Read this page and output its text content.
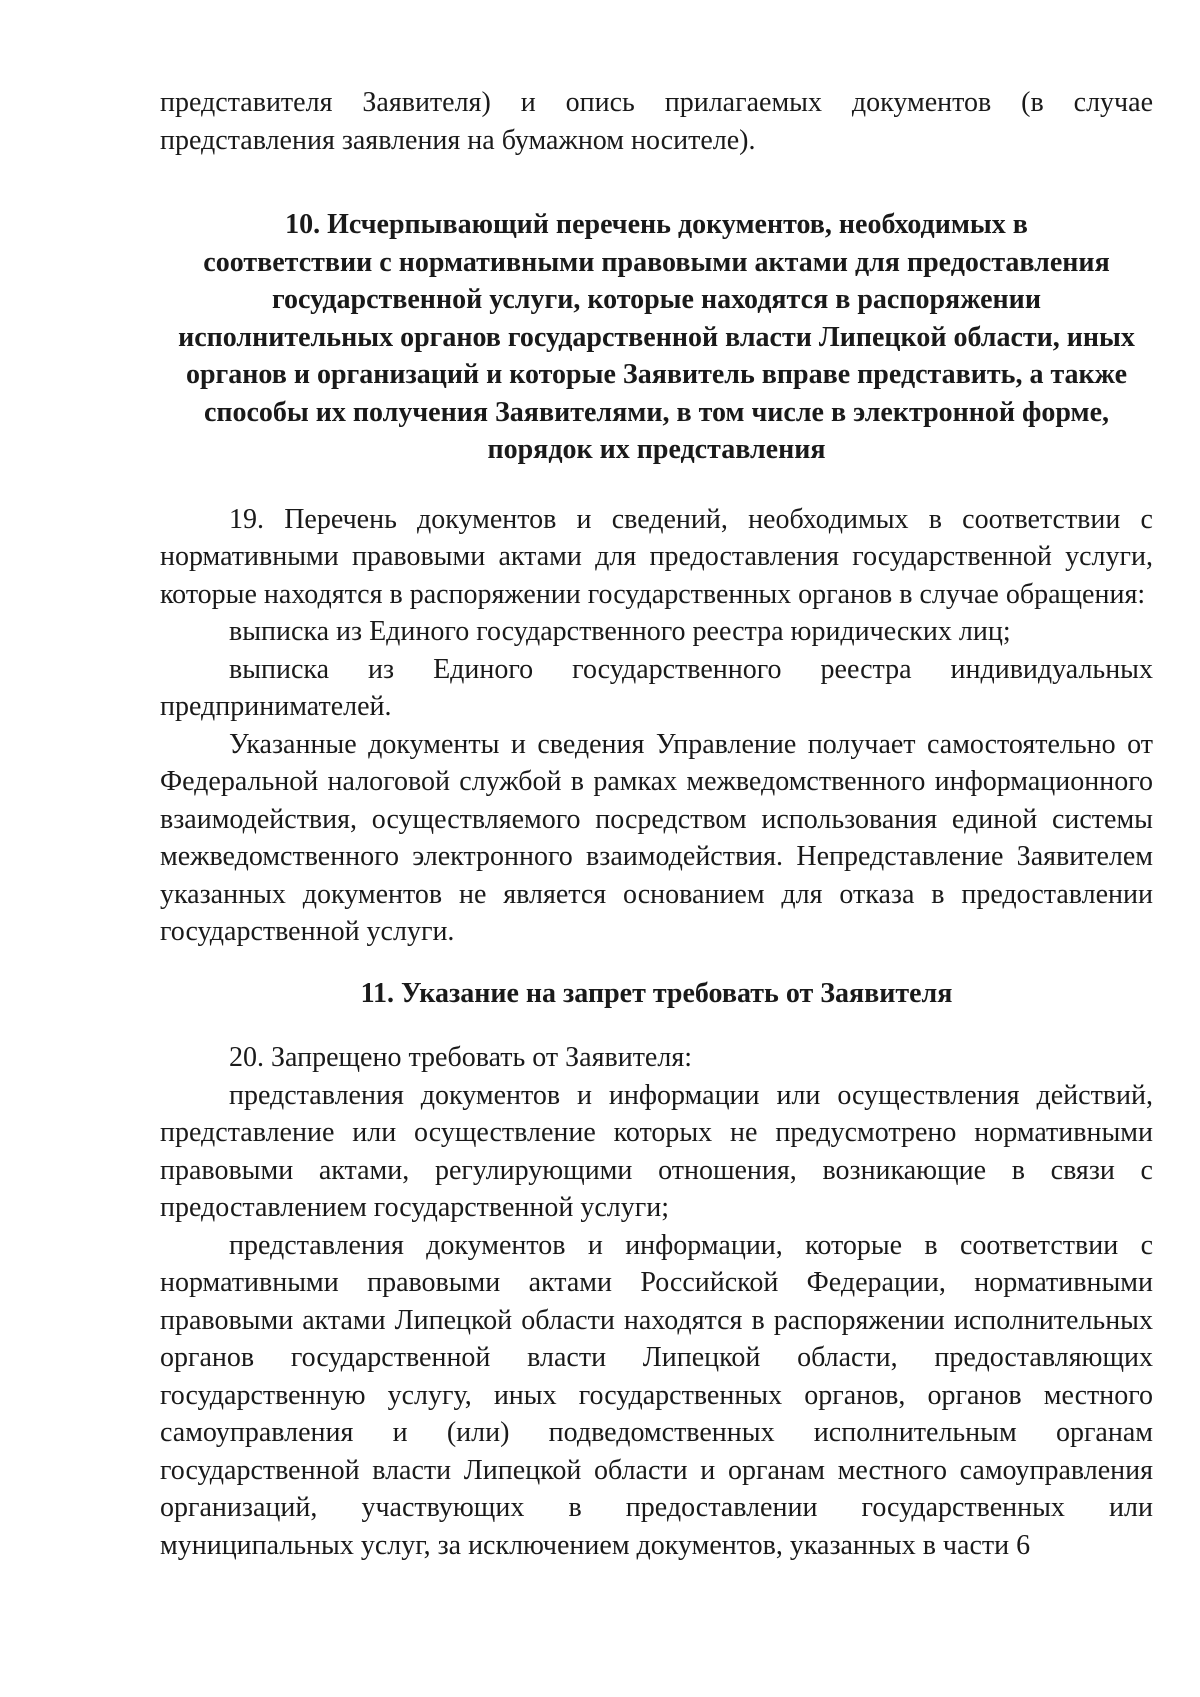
представителя Заявителя) и опись прилагаемых документов (в случае представления заявления на бумажном носителе).

10. Исчерпывающий перечень документов, необходимых в
соответствии с нормативными правовыми актами для предоставления
государственной услуги, которые находятся в распоряжении
исполнительных органов государственной власти Липецкой области, иных
органов и организаций и которые Заявитель вправе представить, а также
способы их получения Заявителями, в том числе в электронной форме,
порядок их представления

19. Перечень документов и сведений, необходимых в соответствии с нормативными правовыми актами для предоставления государственной услуги, которые находятся в распоряжении государственных органов в случае обращения:

выписка из Единого государственного реестра юридических лиц;

выписка из Единого государственного реестра индивидуальных предпринимателей.

Указанные документы и сведения Управление получает самостоятельно от Федеральной налоговой службой в рамках межведомственного информационного взаимодействия, осуществляемого посредством использования единой системы межведомственного электронного взаимодействия. Непредставление Заявителем указанных документов не является основанием для отказа в предоставлении государственной услуги.

11. Указание на запрет требовать от Заявителя

20. Запрещено требовать от Заявителя:

представления документов и информации или осуществления действий, представление или осуществление которых не предусмотрено нормативными правовыми актами, регулирующими отношения, возникающие в связи с предоставлением государственной услуги;

представления документов и информации, которые в соответствии с нормативными правовыми актами Российской Федерации, нормативными правовыми актами Липецкой области находятся в распоряжении исполнительных органов государственной власти Липецкой области, предоставляющих государственную услугу, иных государственных органов, органов местного самоуправления и (или) подведомственных исполнительным органам государственной власти Липецкой области и органам местного самоуправления организаций, участвующих в предоставлении государственных или муниципальных услуг, за исключением документов, указанных в части 6
